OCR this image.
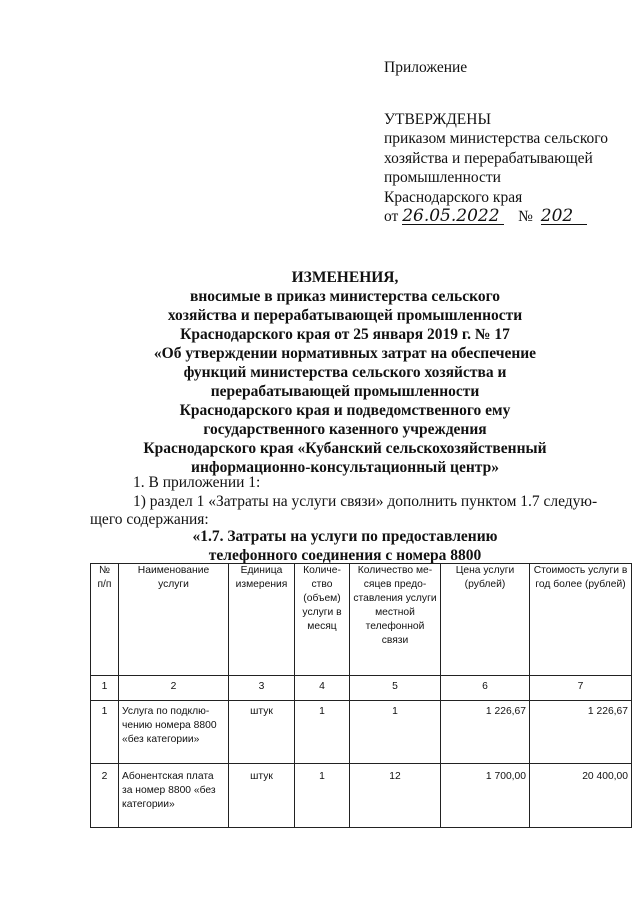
Приложение
УТВЕРЖДЕНЫ
приказом министерства сельского
хозяйства и перерабатывающей
промышленности
Краснодарского края
от 26.05.2022 № 202
ИЗМЕНЕНИЯ,
вносимые в приказ министерства сельского
хозяйства и перерабатывающей промышленности
Краснодарского края от 25 января 2019 г. № 17
«Об утверждении нормативных затрат на обеспечение
функций министерства сельского хозяйства и
перерабатывающей промышленности
Краснодарского края и подведомственного ему
государственного казенного учреждения
Краснодарского края «Кубанский сельскохозяйственный
информационно-консультационный центр»
1. В приложении 1:
1) раздел 1 «Затраты на услуги связи» дополнить пунктом 1.7 следую-
щего содержания:
«1.7. Затраты на услуги по предоставлению
телефонного соединения с номера 8800
№ п/п	Наименование услуги	Единица измерения	Количе-ство (объем) услуги в месяц	Количество ме-сяцев предо-ставления услуги местной телефонной связи	Цена услуги (рублей)	Стоимость услуги в год более (рублей)
1	2	3	4	5	6	7
1	Услуга по подклю-чению номера 8800 «без категории»	штук	1	1	1 226,67	1 226,67
2	Абонентская плата за номер 8800 «без категории»	штук	1	12	1 700,00	20 400,00
